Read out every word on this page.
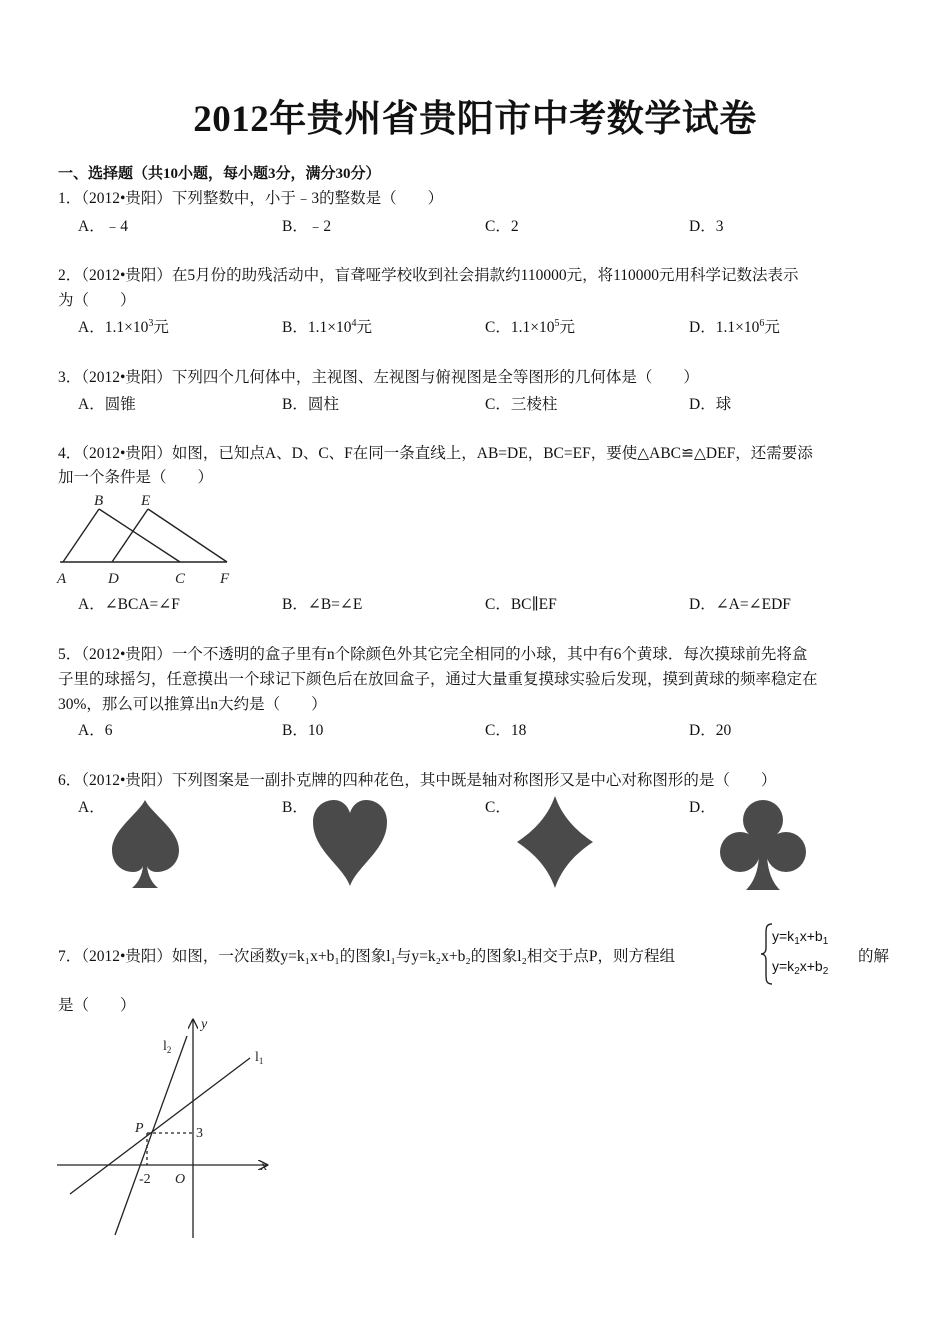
2012年贵州省贵阳市中考数学试卷
一、选择题（共10小题，每小题3分，满分30分）
1．（2012•贵阳）下列整数中，小于﹣3的整数是（　　）
A．﹣4	B．﹣2	C．2	D．3
2．（2012•贵阳）在5月份的助残活动中，盲聋哑学校收到社会捐款约110000元，将110000元用科学记数法表示
为（　　）
A．$1.1\times 10^3$元	B．$1.1\times 10^4$元	C．$1.1\times 10^5$元	D．$1.1\times 10^6$元
3．（2012•贵阳）下列四个几何体中，主视图、左视图与俯视图是全等图形的几何体是（　　）
A．圆锥	B．圆柱	C．三棱柱	D．球
4．（2012•贵阳）如图，已知点A、D、C、F在同一条直线上，AB=DE，BC=EF，要使△ABC≌△DEF，还需要添
加一个条件是（　　）
B	E
A	D	C F
A．∠BCA=∠F	B．∠B=∠E	C．BC∥EF	D．∠A=∠EDF
5．（2012•贵阳）一个不透明的盒子里有n个除颜色外其它完全相同的小球，其中有6个黄球．每次摸球前先将盒
子里的球摇匀，任意摸出一个球记下颜色后在放回盒子，通过大量重复摸球实验后发现，摸到黄球的频率稳定在
30%，那么可以推算出n大约是（　　）
A．6	B．10	C．18	D．20
6．（2012•贵阳）下列图案是一副扑克牌的四种花色，其中既是轴对称图形又是中心对称图形的是（　　）
A．	B．	C．	D．
7．（2012•贵阳）如图，一次函数y=k₁x+b₁的图象l₁与y=k₂x+b₂的图象l₂相交于点P，则方程组
$y=k_1x+b_1$
$y=k_2x+b_2$
的解
是（　　）
y
x
$l_2$	$l_1$
P	3
-2 O
